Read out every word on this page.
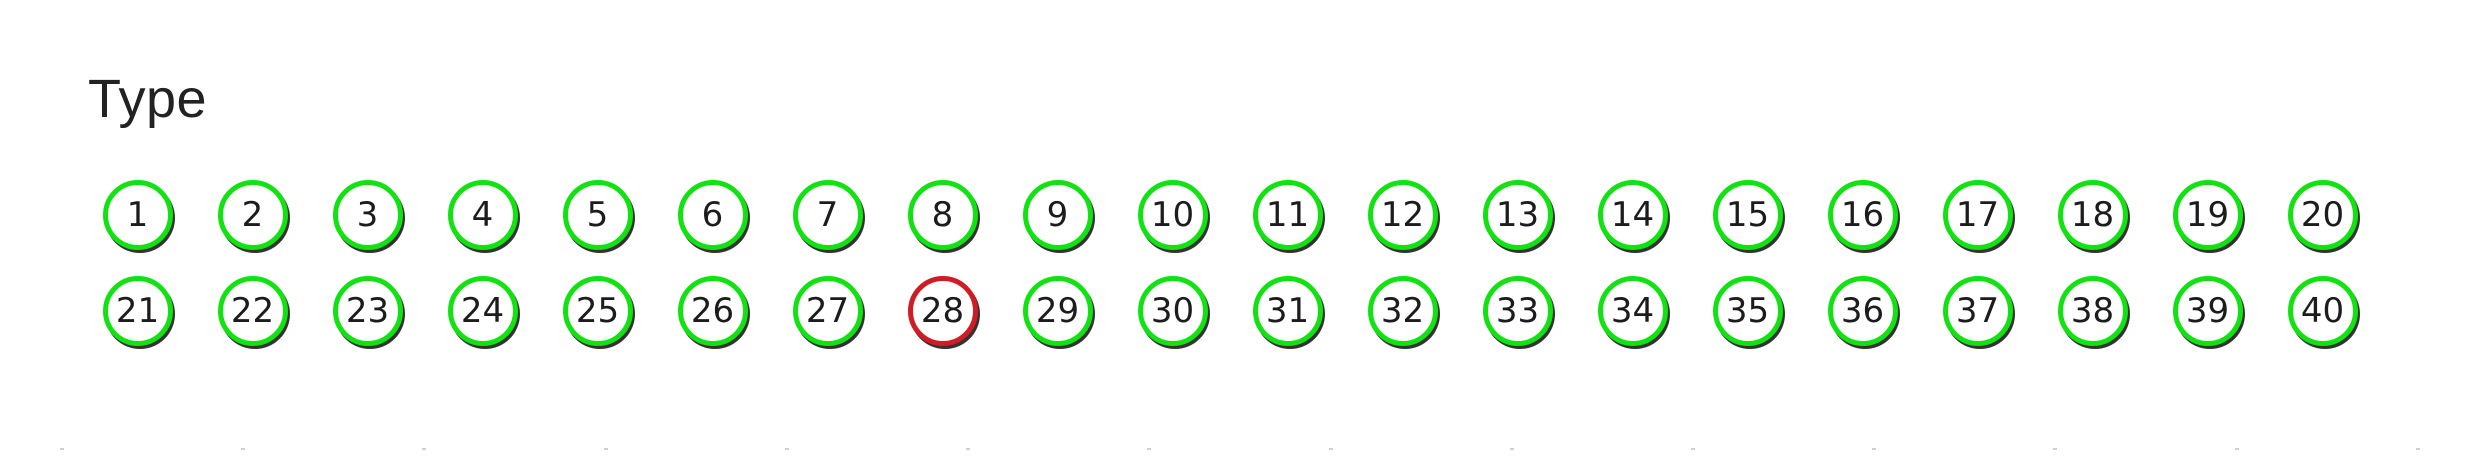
Type
1	2	3	4	5	6	7	8	9	10	11	12	13	14	15	16	17	18	19	20
21	22	23	24	25	26	27	28	29	30	31	32	33	34	35	36	37	38	39	40
